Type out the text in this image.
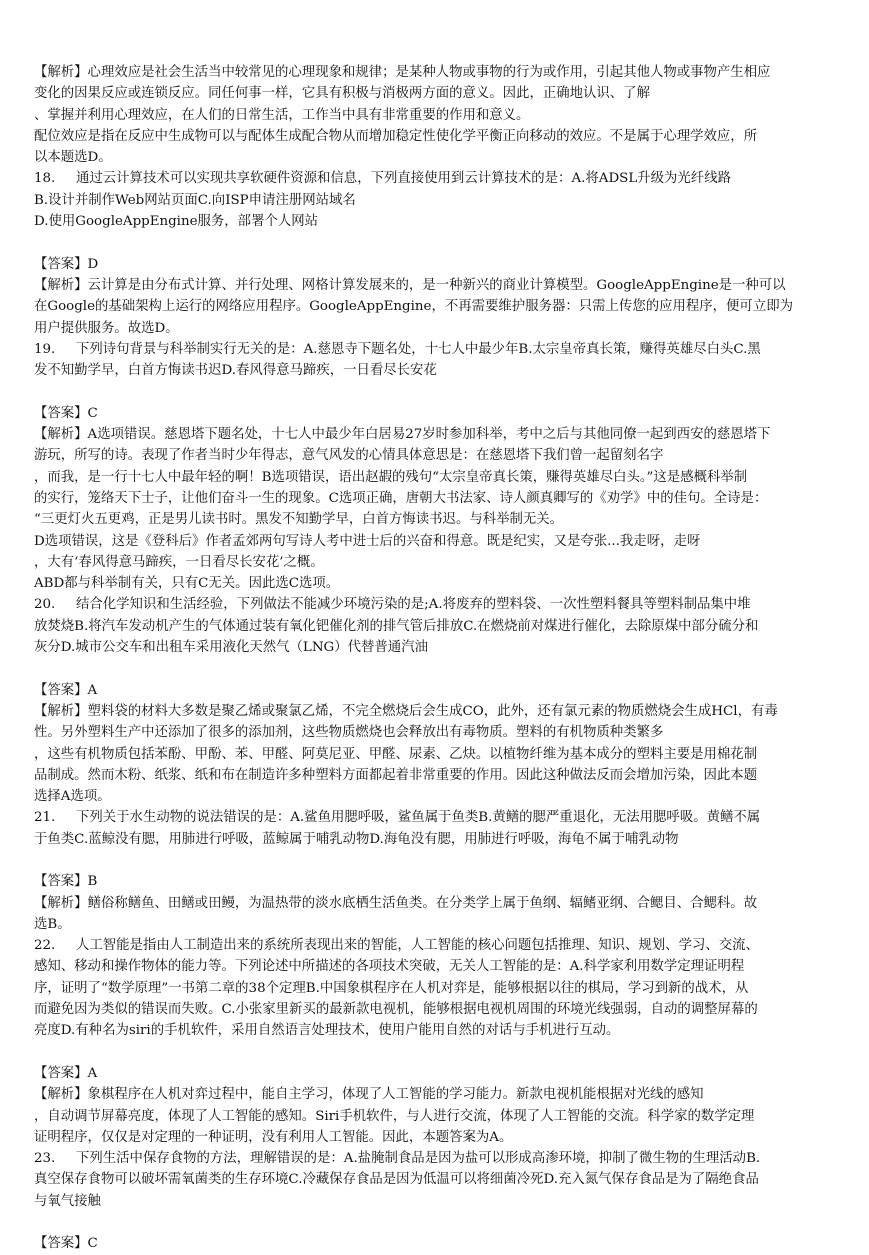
【解析】心理效应是社会生活当中较常见的心理现象和规律；是某种人物或事物的行为或作用，引起其他人物或事物产生相应
变化的因果反应或连锁反应。同任何事一样，它具有积极与消极两方面的意义。因此，正确地认识、了解
、掌握并利用心理效应，在人们的日常生活，工作当中具有非常重要的作用和意义。
配位效应是指在反应中生成物可以与配体生成配合物从而增加稳定性使化学平衡正向移动的效应。不是属于心理学效应，所
以本题选D。
18. 通过云计算技术可以实现共享软硬件资源和信息，下列直接使用到云计算技术的是：A.将ADSL升级为光纤线路
B.设计并制作Web网站页面C.向ISP申请注册网站域名
D.使用GoogleAppEngine服务，部署个人网站
【答案】D
【解析】云计算是由分布式计算、并行处理、网格计算发展来的，是一种新兴的商业计算模型。GoogleAppEngine是一种可以
在Google的基础架构上运行的网络应用程序。GoogleAppEngine，不再需要维护服务器：只需上传您的应用程序，便可立即为
用户提供服务。故选D。
19. 下列诗句背景与科举制实行无关的是：A.慈恩寺下题名处，十七人中最少年B.太宗皇帝真长策，赚得英雄尽白头C.黑
发不知勤学早，白首方悔读书迟D.春风得意马蹄疾，一日看尽长安花
【答案】C
【解析】A选项错误。慈恩塔下题名处，十七人中最少年白居易27岁时参加科举，考中之后与其他同僚一起到西安的慈恩塔下
游玩，所写的诗。表现了作者当时少年得志，意气风发的心情具体意思是：在慈恩塔下我们曾一起留刻名字
，而我，是一行十七人中最年轻的啊！B选项错误，语出赵嘏的残句“太宗皇帝真长策，赚得英雄尽白头。”这是感概科举制
的实行，笼络天下士子，让他们奋斗一生的现象。C选项正确，唐朝大书法家、诗人颜真卿写的《劝学》中的佳句。全诗是：
“三更灯火五更鸡，正是男儿读书时。黑发不知勤学早，白首方悔读书迟。与科举制无关。
D选项错误，这是《登科后》作者孟郊两句写诗人考中进士后的兴奋和得意。既是纪实，又是夸张...我走呀，走呀
，大有‘春风得意马蹄疾，一日看尽长安花’之概。
ABD都与科举制有关，只有C无关。因此选C选项。
20. 结合化学知识和生活经验，下列做法不能减少环境污染的是;A.将废弃的塑料袋、一次性塑料餐具等塑料制品集中堆
放焚烧B.将汽车发动机产生的气体通过装有氧化钯催化剂的排气管后排放C.在燃烧前对煤进行催化，去除原煤中部分硫分和
灰分D.城市公交车和出租车采用液化天然气（LNG）代替普通汽油
【答案】A
【解析】塑料袋的材料大多数是聚乙烯或聚氯乙烯，不完全燃烧后会生成CO，此外，还有氯元素的物质燃烧会生成HCl，有毒
性。另外塑料生产中还添加了很多的添加剂，这些物质燃烧也会释放出有毒物质。塑料的有机物质种类繁多
，这些有机物质包括苯酚、甲酚、苯、甲醛、阿莫尼亚、甲醛、尿素、乙炔。以植物纤维为基本成分的塑料主要是用棉花制
品制成。然而木粉、纸浆、纸和布在制造许多种塑料方面都起着非常重要的作用。因此这种做法反而会增加污染，因此本题
选择A选项。
21. 下列关于水生动物的说法错误的是：A.鲨鱼用腮呼吸，鲨鱼属于鱼类B.黄鳝的腮严重退化，无法用腮呼吸。黄鳝不属
于鱼类C.蓝鲸没有腮，用肺进行呼吸，蓝鲸属于哺乳动物D.海龟没有腮，用肺进行呼吸，海龟不属于哺乳动物
【答案】B
【解析】鳝俗称鳝鱼、田鳝或田鳗，为温热带的淡水底栖生活鱼类。在分类学上属于鱼纲、辐鳍亚纲、合鳃目、合鳃科。故
选B。
22. 人工智能是指由人工制造出来的系统所表现出来的智能，人工智能的核心问题包括推理、知识、规划、学习、交流、
感知、移动和操作物体的能力等。下列论述中所描述的各项技术突破，无关人工智能的是：A.科学家利用数学定理证明程
序，证明了“数学原理”一书第二章的38个定理B.中国象棋程序在人机对弈是，能够根据以往的棋局，学习到新的战术，从
而避免因为类似的错误而失败。C.小张家里新买的最新款电视机，能够根据电视机周围的环境光线强弱，自动的调整屏幕的
亮度D.有种名为siri的手机软件，采用自然语言处理技术，使用户能用自然的对话与手机进行互动。
【答案】A
【解析】象棋程序在人机对弈过程中，能自主学习，体现了人工智能的学习能力。新款电视机能根据对光线的感知
，自动调节屏幕亮度，体现了人工智能的感知。Siri手机软件，与人进行交流，体现了人工智能的交流。科学家的数学定理
证明程序，仅仅是对定理的一种证明，没有利用人工智能。因此，本题答案为A。
23. 下列生活中保存食物的方法，理解错误的是：A.盐腌制食品是因为盐可以形成高渗环境，抑制了微生物的生理活动B.
真空保存食物可以破坏需氧菌类的生存环境C.冷藏保存食品是因为低温可以将细菌冷死D.充入氮气保存食品是为了隔绝食品
与氧气接触
【答案】C
